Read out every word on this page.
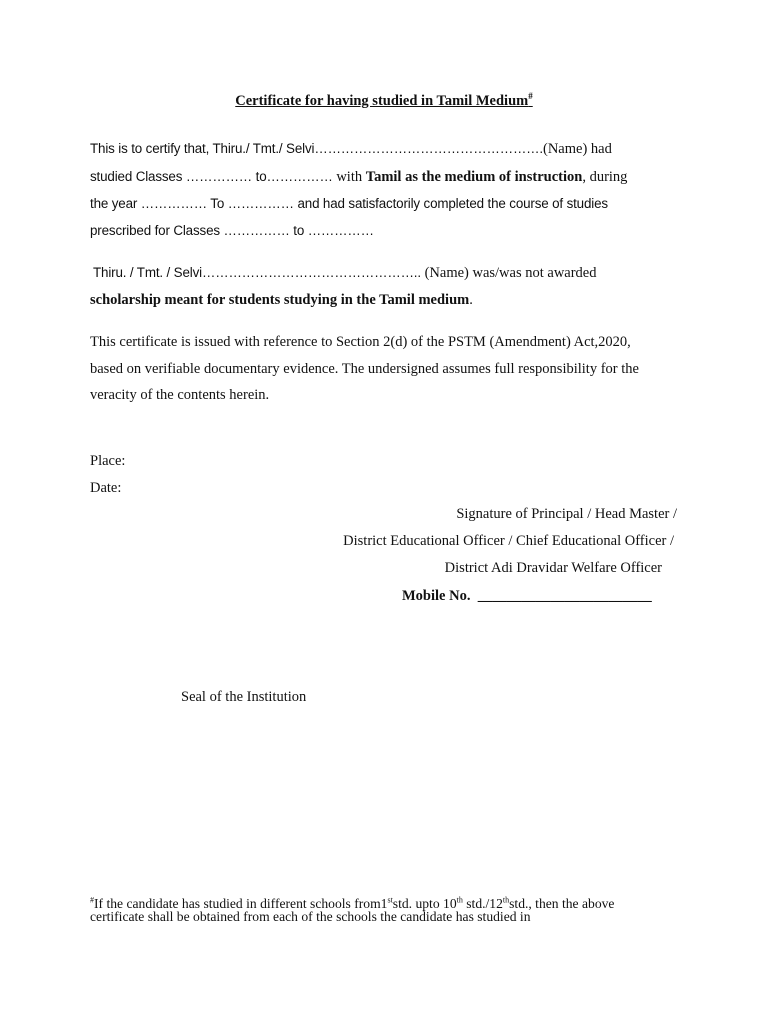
Certificate for having studied in Tamil Medium#
This is to certify that, Thiru./ Tmt./ Selvi…………………………………………….(Name) had
studied Classes …………… to…………… with Tamil as the medium of instruction, during
the year …………… To …………… and had satisfactorily completed the course of studies
prescribed for Classes …………… to ……………
Thiru. / Tmt. / Selvi………………………………………….. (Name) was/was not awarded
scholarship meant for students studying in the Tamil medium.
This certificate is issued with reference to Section 2(d) of the PSTM (Amendment) Act,2020,
based on verifiable documentary evidence. The undersigned assumes full responsibility for the
veracity of the contents herein.
Place:
Date:
Signature of Principal / Head Master /
District Educational Officer / Chief Educational Officer /
District Adi Dravidar Welfare Officer
Mobile No. ________________________
Seal of the Institution
#If the candidate has studied in different schools from1ststd. upto 10th std./12thstd., then the above
certificate shall be obtained from each of the schools the candidate has studied in
